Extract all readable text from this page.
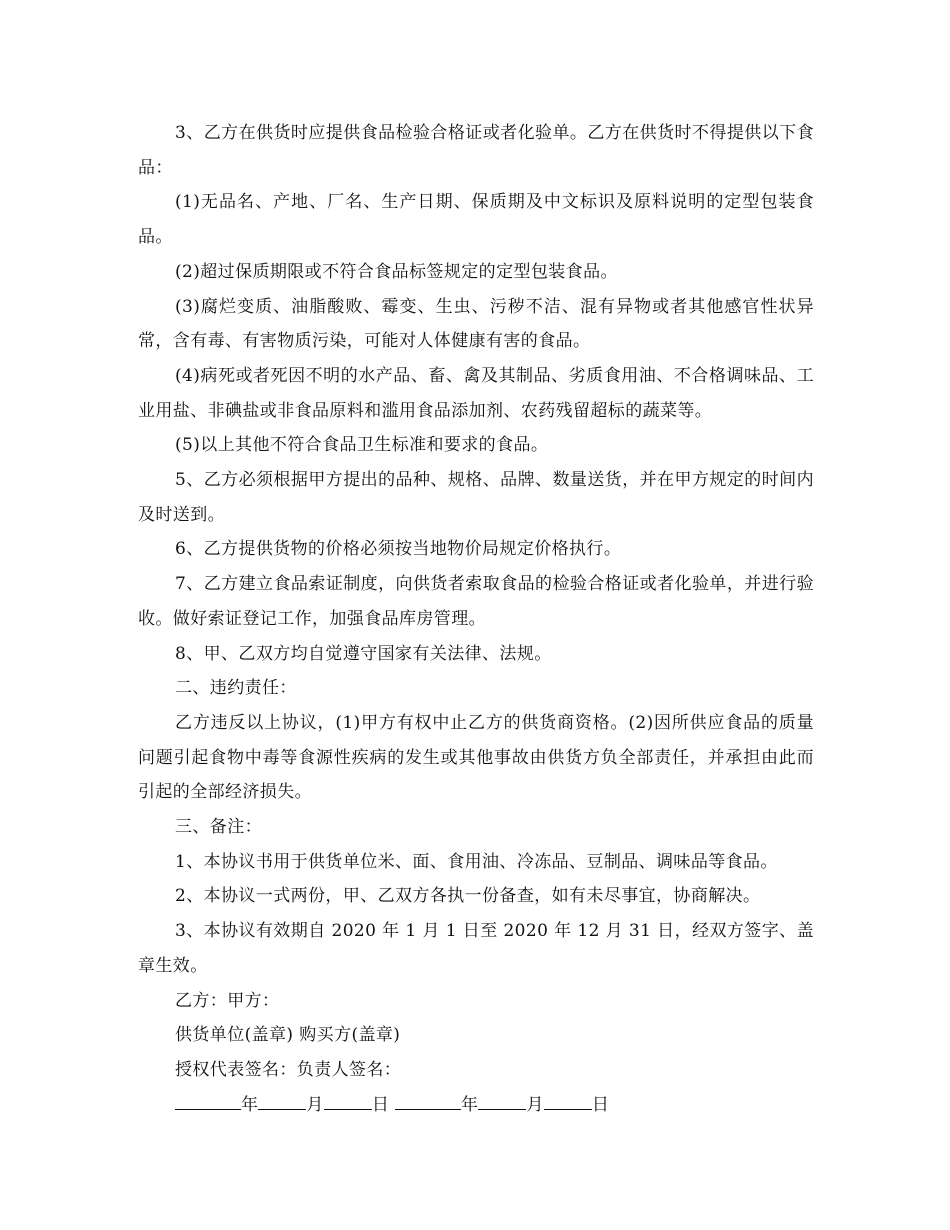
3、乙方在供货时应提供食品检验合格证或者化验单。乙方在供货时不得提供以下食品：

(1)无品名、产地、厂名、生产日期、保质期及中文标识及原料说明的定型包装食品。

(2)超过保质期限或不符合食品标签规定的定型包装食品。

(3)腐烂变质、油脂酸败、霉变、生虫、污秽不洁、混有异物或者其他感官性状异常，含有毒、有害物质污染，可能对人体健康有害的食品。

(4)病死或者死因不明的水产品、畜、禽及其制品、劣质食用油、不合格调味品、工业用盐、非碘盐或非食品原料和滥用食品添加剂、农药残留超标的蔬菜等。

(5)以上其他不符合食品卫生标准和要求的食品。

5、乙方必须根据甲方提出的品种、规格、品牌、数量送货，并在甲方规定的时间内及时送到。

6、乙方提供货物的价格必须按当地物价局规定价格执行。

7、乙方建立食品索证制度，向供货者索取食品的检验合格证或者化验单，并进行验收。做好索证登记工作，加强食品库房管理。

8、甲、乙双方均自觉遵守国家有关法律、法规。

二、违约责任：

乙方违反以上协议，(1)甲方有权中止乙方的供货商资格。(2)因所供应食品的质量问题引起食物中毒等食源性疾病的发生或其他事故由供货方负全部责任，并承担由此而引起的全部经济损失。

三、备注：

1、本协议书用于供货单位米、面、食用油、冷冻品、豆制品、调味品等食品。

2、本协议一式两份，甲、乙双方各执一份备查，如有未尽事宜，协商解决。

3、本协议有效期自 2020 年 1 月 1 日至 2020 年 12 月 31 日，经双方签字、盖章生效。

乙方：甲方：

供货单位(盖章) 购买方(盖章)

授权代表签名：负责人签名：

年	月	日	年	月	日
